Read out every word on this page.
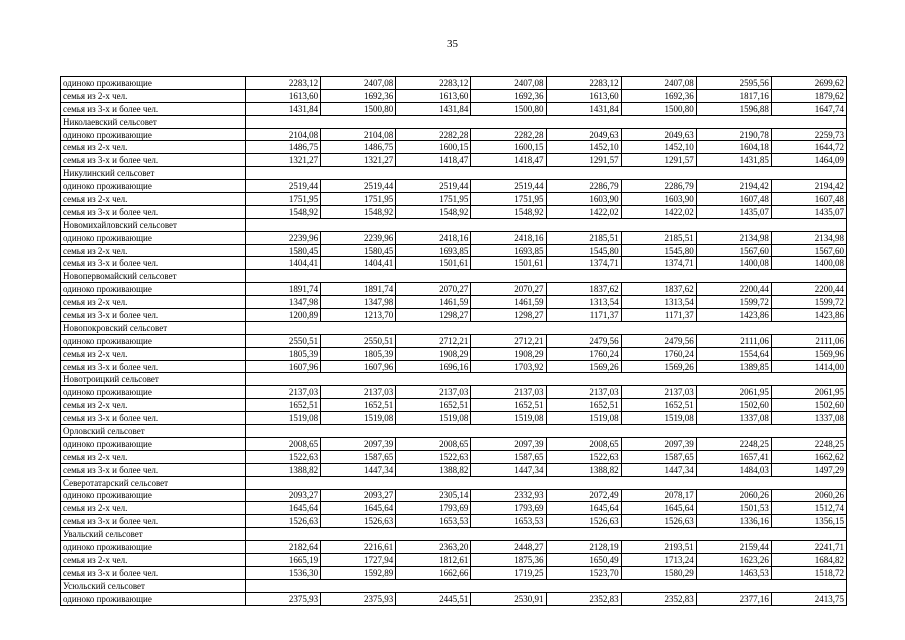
35
одиноко проживающие	2283,12	2407,08	2283,12	2407,08	2283,12	2407,08	2595,56	2699,62
семья из 2-х чел.	1613,60	1692,36	1613,60	1692,36	1613,60	1692,36	1817,16	1879,62
семья из 3-х и более чел.	1431,84	1500,80	1431,84	1500,80	1431,84	1500,80	1596,88	1647,74
Николаевский сельсовет								
одиноко проживающие	2104,08	2104,08	2282,28	2282,28	2049,63	2049,63	2190,78	2259,73
семья из 2-х чел.	1486,75	1486,75	1600,15	1600,15	1452,10	1452,10	1604,18	1644,72
семья из 3-х и более чел.	1321,27	1321,27	1418,47	1418,47	1291,57	1291,57	1431,85	1464,09
Никулинский сельсовет								
одиноко проживающие	2519,44	2519,44	2519,44	2519,44	2286,79	2286,79	2194,42	2194,42
семья из 2-х чел.	1751,95	1751,95	1751,95	1751,95	1603,90	1603,90	1607,48	1607,48
семья из 3-х и более чел.	1548,92	1548,92	1548,92	1548,92	1422,02	1422,02	1435,07	1435,07
Новомихайловский сельсовет								
одиноко проживающие	2239,96	2239,96	2418,16	2418,16	2185,51	2185,51	2134,98	2134,98
семья из 2-х чел.	1580,45	1580,45	1693,85	1693,85	1545,80	1545,80	1567,60	1567,60
семья из 3-х и более чел.	1404,41	1404,41	1501,61	1501,61	1374,71	1374,71	1400,08	1400,08
Новопервомайский сельсовет								
одиноко проживающие	1891,74	1891,74	2070,27	2070,27	1837,62	1837,62	2200,44	2200,44
семья из 2-х чел.	1347,98	1347,98	1461,59	1461,59	1313,54	1313,54	1599,72	1599,72
семья из 3-х и более чел.	1200,89	1213,70	1298,27	1298,27	1171,37	1171,37	1423,86	1423,86
Новопокровский сельсовет								
одиноко проживающие	2550,51	2550,51	2712,21	2712,21	2479,56	2479,56	2111,06	2111,06
семья из 2-х чел.	1805,39	1805,39	1908,29	1908,29	1760,24	1760,24	1554,64	1569,96
семья из 3-х и более чел.	1607,96	1607,96	1696,16	1703,92	1569,26	1569,26	1389,85	1414,00
Новотроицкий сельсовет								
одиноко проживающие	2137,03	2137,03	2137,03	2137,03	2137,03	2137,03	2061,95	2061,95
семья из 2-х чел.	1652,51	1652,51	1652,51	1652,51	1652,51	1652,51	1502,60	1502,60
семья из 3-х и более чел.	1519,08	1519,08	1519,08	1519,08	1519,08	1519,08	1337,08	1337,08
Орловский сельсовет								
одиноко проживающие	2008,65	2097,39	2008,65	2097,39	2008,65	2097,39	2248,25	2248,25
семья из 2-х чел.	1522,63	1587,65	1522,63	1587,65	1522,63	1587,65	1657,41	1662,62
семья из 3-х и более чел.	1388,82	1447,34	1388,82	1447,34	1388,82	1447,34	1484,03	1497,29
Северотатарский сельсовет								
одиноко проживающие	2093,27	2093,27	2305,14	2332,93	2072,49	2078,17	2060,26	2060,26
семья из 2-х чел.	1645,64	1645,64	1793,69	1793,69	1645,64	1645,64	1501,53	1512,74
семья из 3-х и более чел.	1526,63	1526,63	1653,53	1653,53	1526,63	1526,63	1336,16	1356,15
Увальский сельсовет								
одиноко проживающие	2182,64	2216,61	2363,20	2448,27	2128,19	2193,51	2159,44	2241,71
семья из 2-х чел.	1665,19	1727,94	1812,61	1875,36	1650,49	1713,24	1623,26	1684,82
семья из 3-х и более чел.	1536,30	1592,89	1662,66	1719,25	1523,70	1580,29	1463,53	1518,72
Усюльский сельсовет								
одиноко проживающие	2375,93	2375,93	2445,51	2530,91	2352,83	2352,83	2377,16	2413,75
